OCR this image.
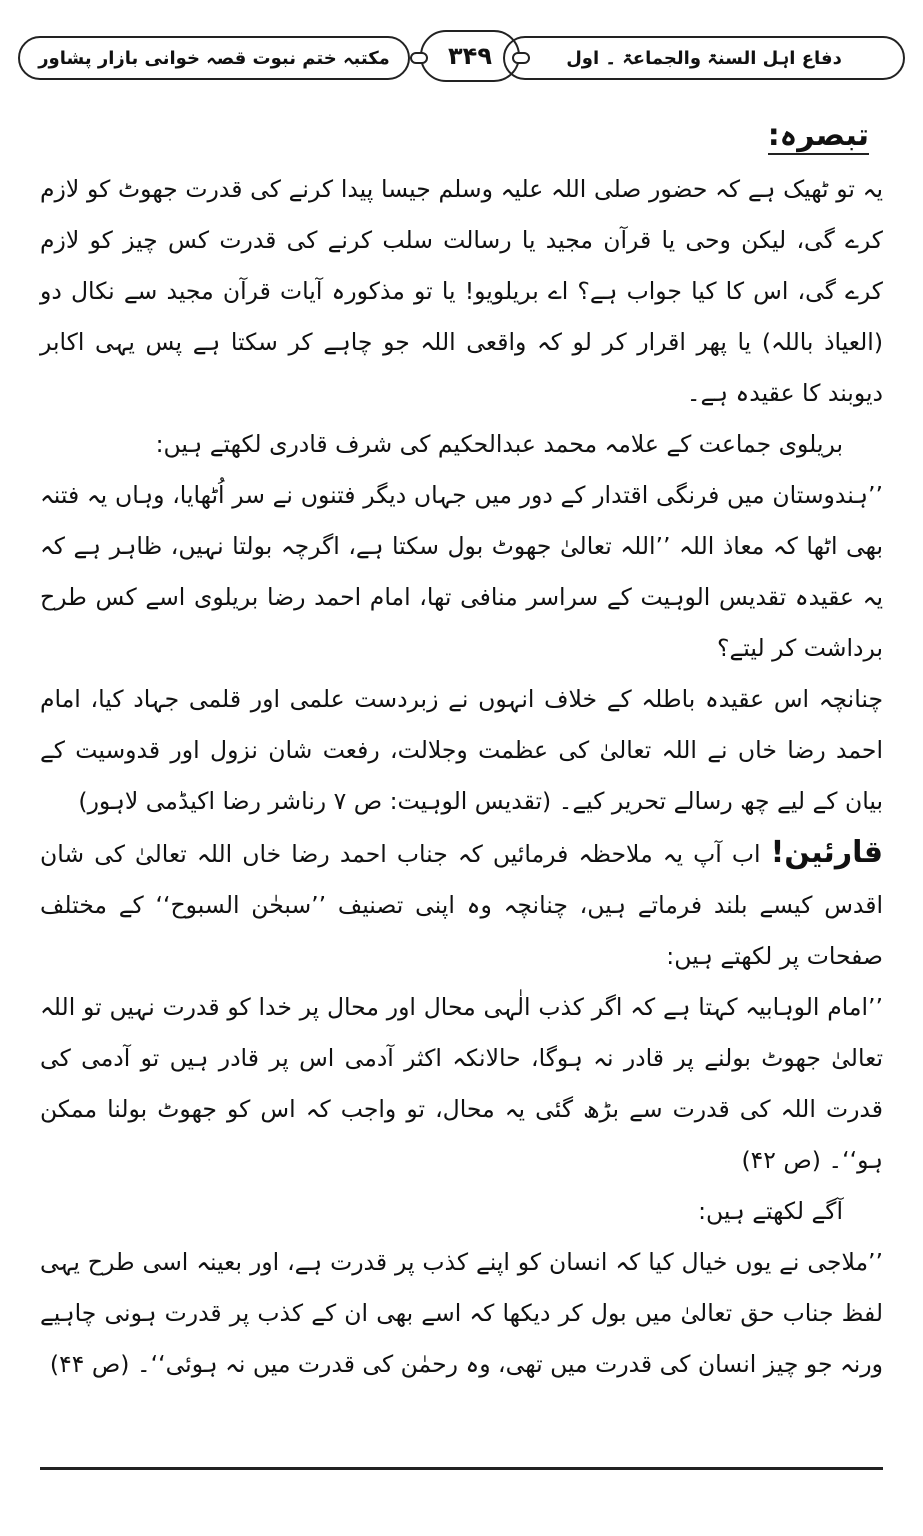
مکتبہ ختم نبوت قصہ خوانی بازار پشاور	۳۴۹	دفاع اہل السنۃ والجماعۃ ۔ اول
تبصرہ:
یہ تو ٹھیک ہے کہ حضور صلی اللہ علیہ وسلم جیسا پیدا کرنے کی قدرت جھوٹ کو لازم کرے گی، لیکن وحی یا قرآن مجید یا رسالت سلب کرنے کی قدرت کس چیز کو لازم کرے گی، اس کا کیا جواب ہے؟ اے بریلویو! یا تو مذکورہ آیات قرآن مجید سے نکال دو (العیاذ باللہ) یا پھر اقرار کر لو کہ واقعی اللہ جو چاہے کر سکتا ہے پس یہی اکابر دیوبند کا عقیدہ ہے۔
بریلوی جماعت کے علامہ محمد عبدالحکیم کی شرف قادری لکھتے ہیں:
’’ہندوستان میں فرنگی اقتدار کے دور میں جہاں دیگر فتنوں نے سر اُٹھایا، وہاں یہ فتنہ بھی اٹھا کہ معاذ اللہ ’’اللہ تعالیٰ جھوٹ بول سکتا ہے، اگرچہ بولتا نہیں، ظاہر ہے کہ یہ عقیدہ تقدیس الوہیت کے سراسر منافی تھا، امام احمد رضا بریلوی اسے کس طرح برداشت کر لیتے؟
چنانچہ اس عقیدہ باطلہ کے خلاف انہوں نے زبردست علمی اور قلمی جہاد کیا، امام احمد رضا خاں نے اللہ تعالیٰ کی عظمت وجلالت، رفعت شان نزول اور قدوسیت کے بیان کے لیے چھ رسالے تحریر کیے۔ (تقدیس الوہیت: ص ۷ رناشر رضا اکیڈمی لاہور)
قارئین! اب آپ یہ ملاحظہ فرمائیں کہ جناب احمد رضا خاں اللہ تعالیٰ کی شان اقدس کیسے بلند فرماتے ہیں، چنانچہ وہ اپنی تصنیف ’’سبحٰن السبوح‘‘ کے مختلف صفحات پر لکھتے ہیں:
’’امام الوہابیہ کہتا ہے کہ اگر کذب الٰہی محال اور محال پر خدا کو قدرت نہیں تو اللہ تعالیٰ جھوٹ بولنے پر قادر نہ ہوگا، حالانکہ اکثر آدمی اس پر قادر ہیں تو آدمی کی قدرت اللہ کی قدرت سے بڑھ گئی یہ محال، تو واجب کہ اس کو جھوٹ بولنا ممکن ہو‘‘۔ (ص ۴۲)
آگے لکھتے ہیں:
’’ملاجی نے یوں خیال کیا کہ انسان کو اپنے کذب پر قدرت ہے، اور بعینہ اسی طرح یہی لفظ جناب حق تعالیٰ میں بول کر دیکھا کہ اسے بھی ان کے کذب پر قدرت ہونی چاہیے ورنہ جو چیز انسان کی قدرت میں تھی، وہ رحمٰن کی قدرت میں نہ ہوئی‘‘۔ (ص ۴۴)
